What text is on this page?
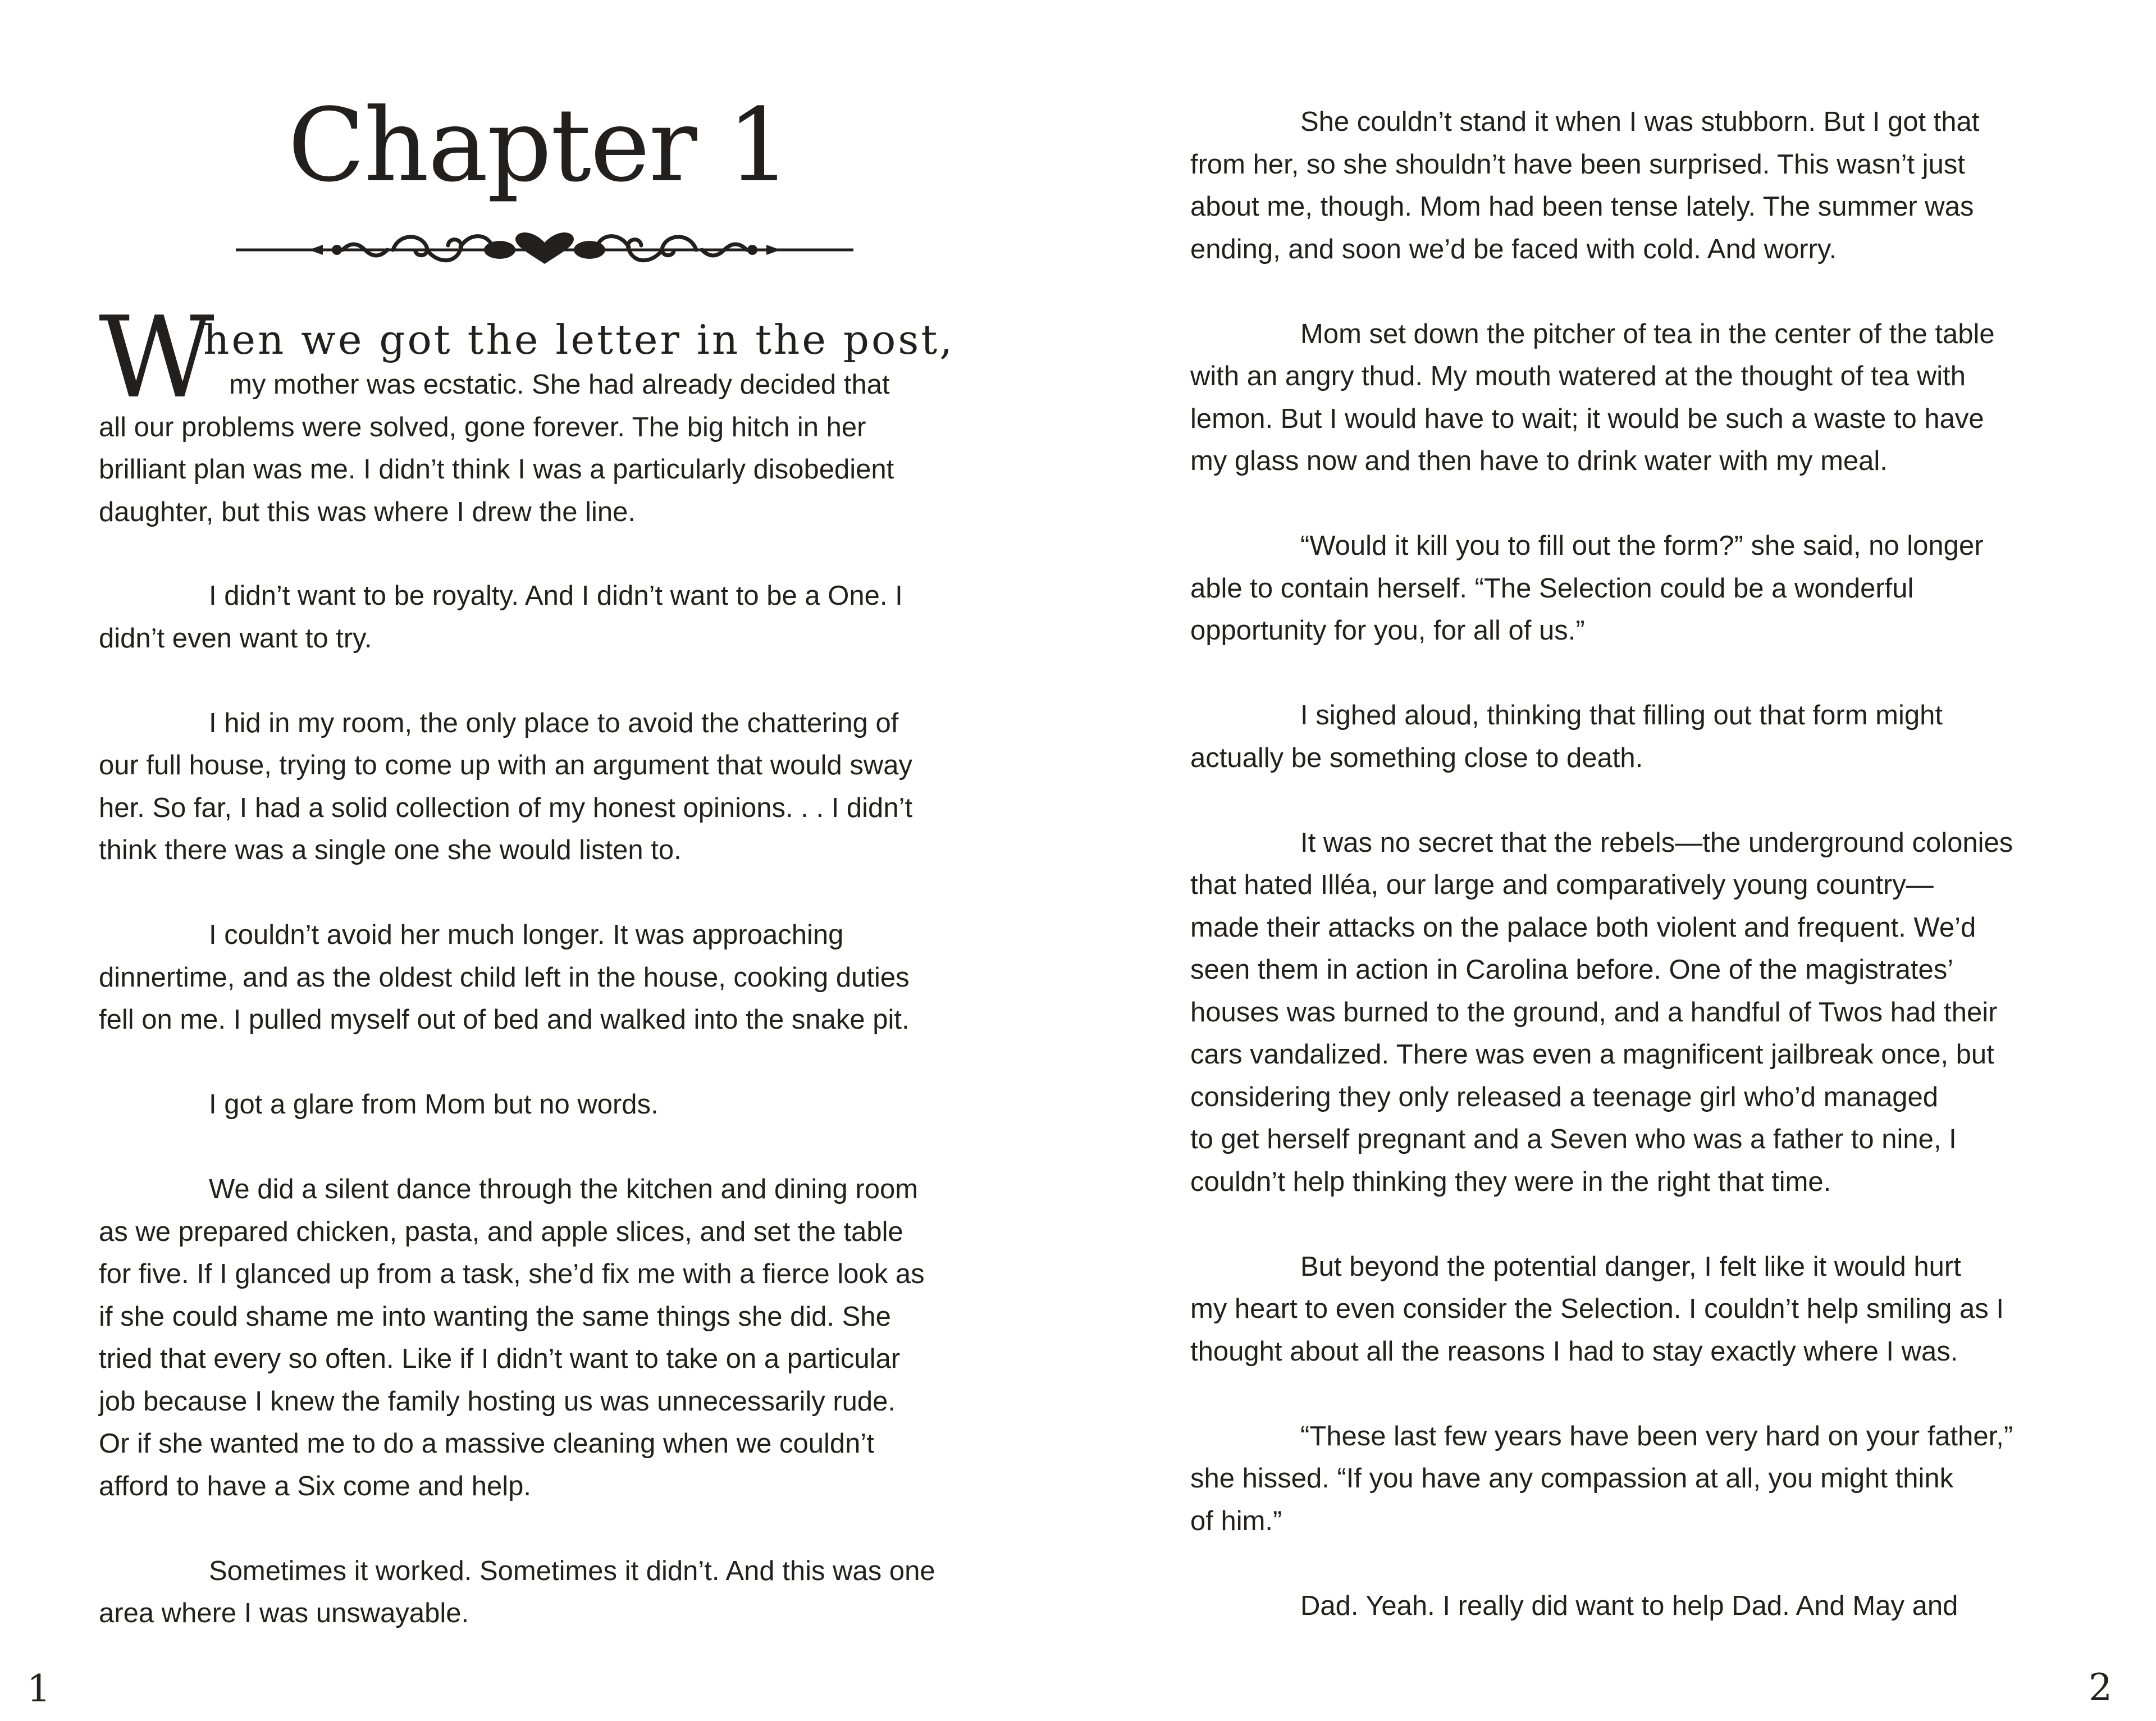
Chapter 1
W
hen we got the letter in the post,
my mother was ecstatic. She had already decided that
all our problems were solved, gone forever. The big hitch in her
brilliant plan was me. I didn’t think I was a particularly disobedient
daughter, but this was where I drew the line.
I didn’t want to be royalty. And I didn’t want to be a One. I
didn’t even want to try.
I hid in my room, the only place to avoid the chattering of
our full house, trying to come up with an argument that would sway
her. So far, I had a solid collection of my honest opinions. . . I didn’t
think there was a single one she would listen to.
I couldn’t avoid her much longer. It was approaching
dinnertime, and as the oldest child left in the house, cooking duties
fell on me. I pulled myself out of bed and walked into the snake pit.
I got a glare from Mom but no words.
We did a silent dance through the kitchen and dining room
as we prepared chicken, pasta, and apple slices, and set the table
for five. If I glanced up from a task, she’d fix me with a fierce look as
if she could shame me into wanting the same things she did. She
tried that every so often. Like if I didn’t want to take on a particular
job because I knew the family hosting us was unnecessarily rude.
Or if she wanted me to do a massive cleaning when we couldn’t
afford to have a Six come and help.
Sometimes it worked. Sometimes it didn’t. And this was one
area where I was unswayable.
1
She couldn’t stand it when I was stubborn. But I got that
from her, so she shouldn’t have been surprised. This wasn’t just
about me, though. Mom had been tense lately. The summer was
ending, and soon we’d be faced with cold. And worry.
Mom set down the pitcher of tea in the center of the table
with an angry thud. My mouth watered at the thought of tea with
lemon. But I would have to wait; it would be such a waste to have
my glass now and then have to drink water with my meal.
“Would it kill you to fill out the form?” she said, no longer
able to contain herself. “The Selection could be a wonderful
opportunity for you, for all of us.”
I sighed aloud, thinking that filling out that form might
actually be something close to death.
It was no secret that the rebels—the underground colonies
that hated Illéa, our large and comparatively young country—
made their attacks on the palace both violent and frequent. We’d
seen them in action in Carolina before. One of the magistrates’
houses was burned to the ground, and a handful of Twos had their
cars vandalized. There was even a magnificent jailbreak once, but
considering they only released a teenage girl who’d managed
to get herself pregnant and a Seven who was a father to nine, I
couldn’t help thinking they were in the right that time.
But beyond the potential danger, I felt like it would hurt
my heart to even consider the Selection. I couldn’t help smiling as I
thought about all the reasons I had to stay exactly where I was.
“These last few years have been very hard on your father,”
she hissed. “If you have any compassion at all, you might think
of him.”
Dad. Yeah. I really did want to help Dad. And May and
2
